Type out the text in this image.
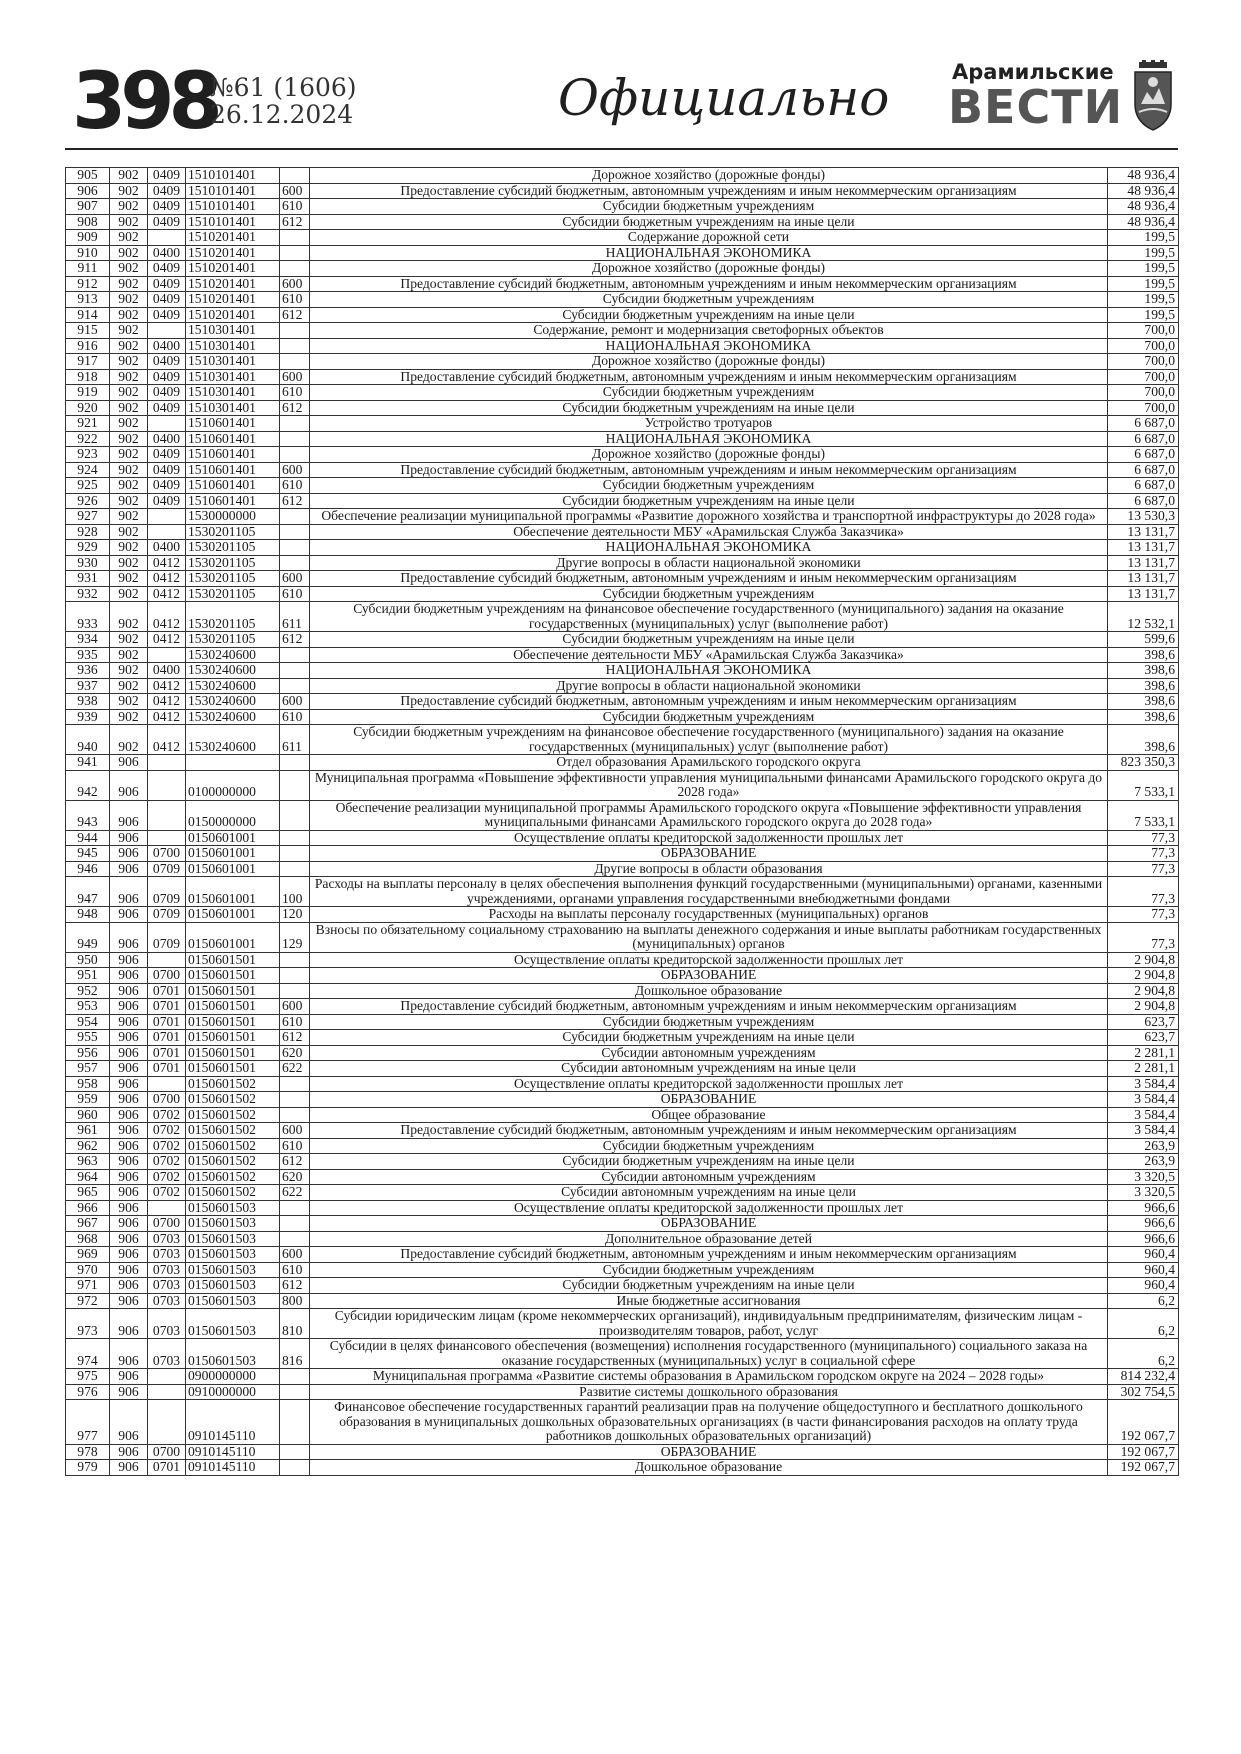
398
№61 (1606)
26.12.2024	Официально	Арамильские
ВЕСТИ
905	902	0409	1510101401		Дорожное хозяйство (дорожные фонды)	48 936,4
906	902	0409	1510101401	600	Предоставление субсидий бюджетным, автономным учреждениям и иным некоммерческим организациям	48 936,4
907	902	0409	1510101401	610	Субсидии бюджетным учреждениям	48 936,4
908	902	0409	1510101401	612	Субсидии бюджетным учреждениям на иные цели	48 936,4
909	902		1510201401		Содержание дорожной сети	199,5
910	902	0400	1510201401		НАЦИОНАЛЬНАЯ ЭКОНОМИКА	199,5
911	902	0409	1510201401		Дорожное хозяйство (дорожные фонды)	199,5
912	902	0409	1510201401	600	Предоставление субсидий бюджетным, автономным учреждениям и иным некоммерческим организациям	199,5
913	902	0409	1510201401	610	Субсидии бюджетным учреждениям	199,5
914	902	0409	1510201401	612	Субсидии бюджетным учреждениям на иные цели	199,5
915	902		1510301401		Содержание, ремонт и модернизация светофорных объектов	700,0
916	902	0400	1510301401		НАЦИОНАЛЬНАЯ ЭКОНОМИКА	700,0
917	902	0409	1510301401		Дорожное хозяйство (дорожные фонды)	700,0
918	902	0409	1510301401	600	Предоставление субсидий бюджетным, автономным учреждениям и иным некоммерческим организациям	700,0
919	902	0409	1510301401	610	Субсидии бюджетным учреждениям	700,0
920	902	0409	1510301401	612	Субсидии бюджетным учреждениям на иные цели	700,0
921	902		1510601401		Устройство тротуаров	6 687,0
922	902	0400	1510601401		НАЦИОНАЛЬНАЯ ЭКОНОМИКА	6 687,0
923	902	0409	1510601401		Дорожное хозяйство (дорожные фонды)	6 687,0
924	902	0409	1510601401	600	Предоставление субсидий бюджетным, автономным учреждениям и иным некоммерческим организациям	6 687,0
925	902	0409	1510601401	610	Субсидии бюджетным учреждениям	6 687,0
926	902	0409	1510601401	612	Субсидии бюджетным учреждениям на иные цели	6 687,0
927	902		1530000000		Обеспечение реализации муниципальной программы «Развитие дорожного хозяйства и транспортной инфраструктуры до 2028 года»	13 530,3
928	902		1530201105		Обеспечение деятельности МБУ «Арамильская Служба Заказчика»	13 131,7
929	902	0400	1530201105		НАЦИОНАЛЬНАЯ ЭКОНОМИКА	13 131,7
930	902	0412	1530201105		Другие вопросы в области национальной экономики	13 131,7
931	902	0412	1530201105	600	Предоставление субсидий бюджетным, автономным учреждениям и иным некоммерческим организациям	13 131,7
932	902	0412	1530201105	610	Субсидии бюджетным учреждениям	13 131,7
933	902	0412	1530201105	611	Субсидии бюджетным учреждениям на финансовое обеспечение государственного (муниципального) задания на оказание государственных (муниципальных) услуг (выполнение работ)	12 532,1
934	902	0412	1530201105	612	Субсидии бюджетным учреждениям на иные цели	599,6
935	902		1530240600		Обеспечение деятельности МБУ «Арамильская Служба Заказчика»	398,6
936	902	0400	1530240600		НАЦИОНАЛЬНАЯ ЭКОНОМИКА	398,6
937	902	0412	1530240600		Другие вопросы в области национальной экономики	398,6
938	902	0412	1530240600	600	Предоставление субсидий бюджетным, автономным учреждениям и иным некоммерческим организациям	398,6
939	902	0412	1530240600	610	Субсидии бюджетным учреждениям	398,6
940	902	0412	1530240600	611	Субсидии бюджетным учреждениям на финансовое обеспечение государственного (муниципального) задания на оказание государственных (муниципальных) услуг (выполнение работ)	398,6
941	906				Отдел образования Арамильского городского округа	823 350,3
942	906		0100000000		Муниципальная программа «Повышение эффективности управления муниципальными финансами Арамильского городского округа до 2028 года»	7 533,1
943	906		0150000000		Обеспечение реализации муниципальной программы Арамильского городского округа «Повышение эффективности управления муниципальными финансами Арамильского городского округа до 2028 года»	7 533,1
944	906		0150601001		Осуществление оплаты кредиторской задолженности прошлых лет	77,3
945	906	0700	0150601001		ОБРАЗОВАНИЕ	77,3
946	906	0709	0150601001		Другие вопросы в области образования	77,3
947	906	0709	0150601001	100	Расходы на выплаты персоналу в целях обеспечения выполнения функций государственными (муниципальными) органами, казенными учреждениями, органами управления государственными внебюджетными фондами	77,3
948	906	0709	0150601001	120	Расходы на выплаты персоналу государственных (муниципальных) органов	77,3
949	906	0709	0150601001	129	Взносы по обязательному социальному страхованию на выплаты денежного содержания и иные выплаты работникам государственных (муниципальных) органов	77,3
950	906		0150601501		Осуществление оплаты кредиторской задолженности прошлых лет	2 904,8
951	906	0700	0150601501		ОБРАЗОВАНИЕ	2 904,8
952	906	0701	0150601501		Дошкольное образование	2 904,8
953	906	0701	0150601501	600	Предоставление субсидий бюджетным, автономным учреждениям и иным некоммерческим организациям	2 904,8
954	906	0701	0150601501	610	Субсидии бюджетным учреждениям	623,7
955	906	0701	0150601501	612	Субсидии бюджетным учреждениям на иные цели	623,7
956	906	0701	0150601501	620	Субсидии автономным учреждениям	2 281,1
957	906	0701	0150601501	622	Субсидии автономным учреждениям на иные цели	2 281,1
958	906		0150601502		Осуществление оплаты кредиторской задолженности прошлых лет	3 584,4
959	906	0700	0150601502		ОБРАЗОВАНИЕ	3 584,4
960	906	0702	0150601502		Общее образование	3 584,4
961	906	0702	0150601502	600	Предоставление субсидий бюджетным, автономным учреждениям и иным некоммерческим организациям	3 584,4
962	906	0702	0150601502	610	Субсидии бюджетным учреждениям	263,9
963	906	0702	0150601502	612	Субсидии бюджетным учреждениям на иные цели	263,9
964	906	0702	0150601502	620	Субсидии автономным учреждениям	3 320,5
965	906	0702	0150601502	622	Субсидии автономным учреждениям на иные цели	3 320,5
966	906		0150601503		Осуществление оплаты кредиторской задолженности прошлых лет	966,6
967	906	0700	0150601503		ОБРАЗОВАНИЕ	966,6
968	906	0703	0150601503		Дополнительное образование детей	966,6
969	906	0703	0150601503	600	Предоставление субсидий бюджетным, автономным учреждениям и иным некоммерческим организациям	960,4
970	906	0703	0150601503	610	Субсидии бюджетным учреждениям	960,4
971	906	0703	0150601503	612	Субсидии бюджетным учреждениям на иные цели	960,4
972	906	0703	0150601503	800	Иные бюджетные ассигнования	6,2
973	906	0703	0150601503	810	Субсидии юридическим лицам (кроме некоммерческих организаций), индивидуальным предпринимателям, физическим лицам - производителям товаров, работ, услуг	6,2
974	906	0703	0150601503	816	Субсидии в целях финансового обеспечения (возмещения) исполнения государственного (муниципального) социального заказа на оказание государственных (муниципальных) услуг в социальной сфере	6,2
975	906		0900000000		Муниципальная программа «Развитие системы образования в Арамильском городском округе на 2024 – 2028 годы»	814 232,4
976	906		0910000000		Развитие системы дошкольного образования	302 754,5
977	906		0910145110		Финансовое обеспечение государственных гарантий реализации прав на получение общедоступного и бесплатного дошкольного образования в муниципальных дошкольных образовательных организациях (в части финансирования расходов на оплату труда работников дошкольных образовательных организаций)	192 067,7
978	906	0700	0910145110		ОБРАЗОВАНИЕ	192 067,7
979	906	0701	0910145110		Дошкольное образование	192 067,7
